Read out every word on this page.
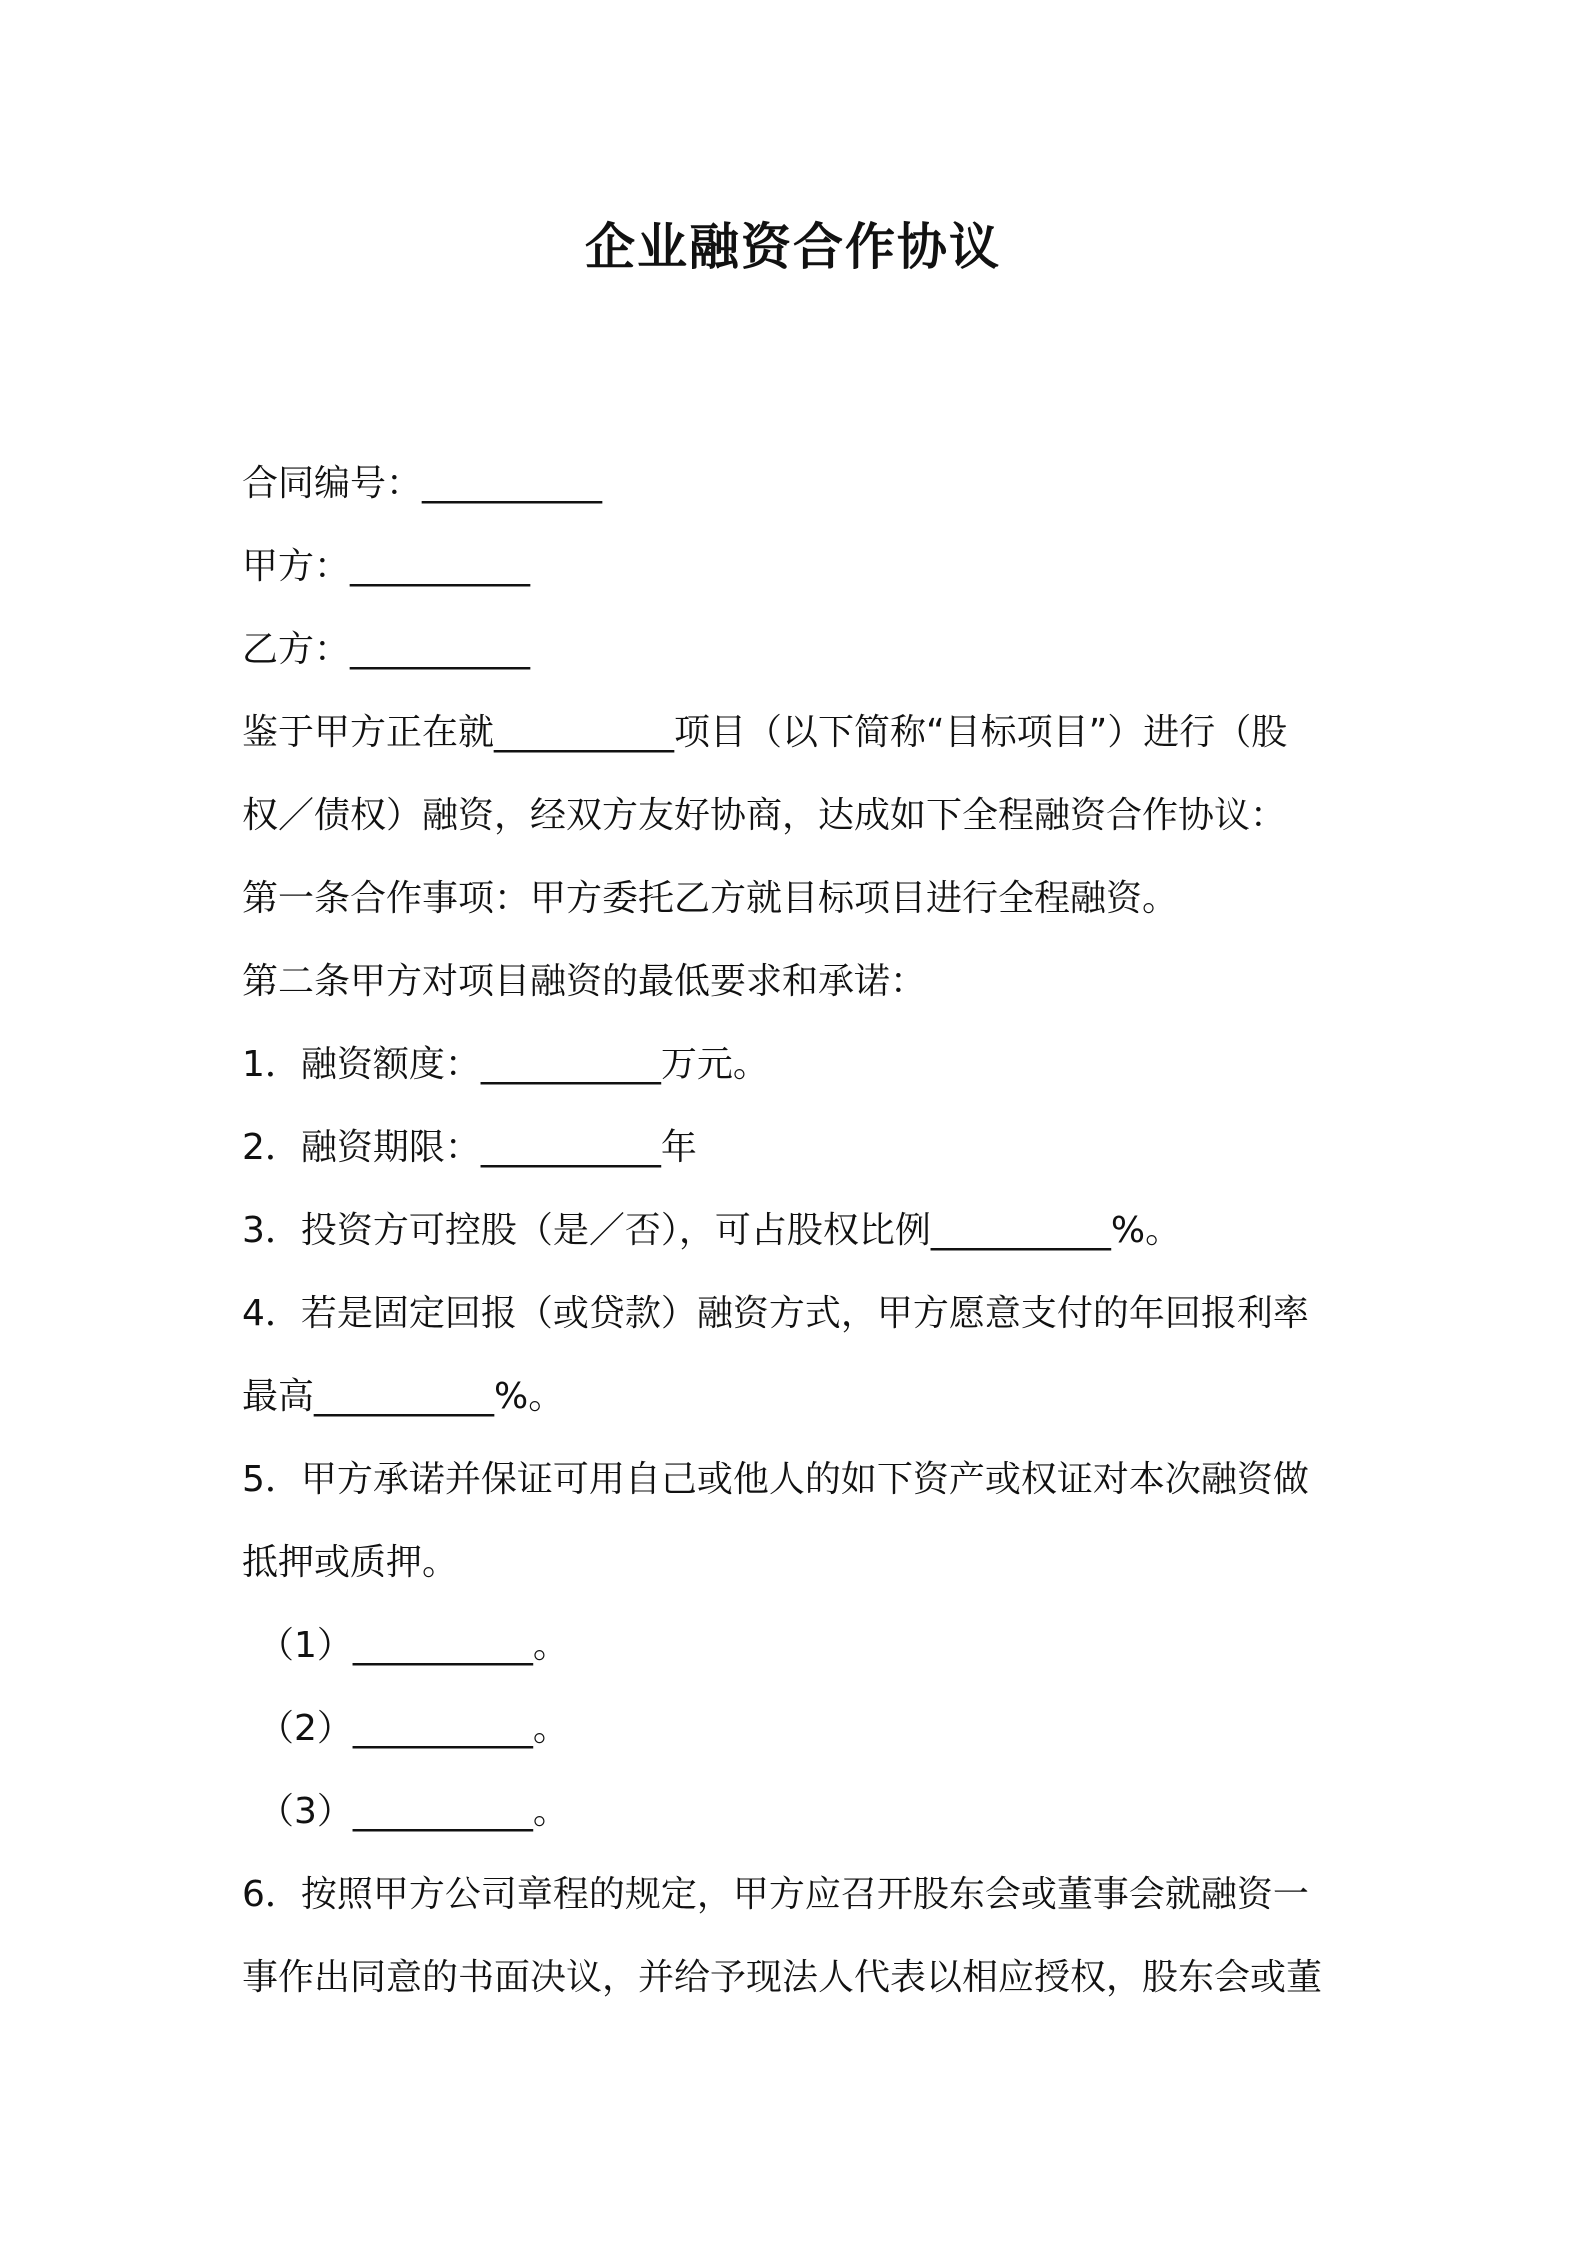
企业融资合作协议
合同编号：__________
甲方：__________
乙方：__________
鉴于甲方正在就__________项目（以下简称“目标项目”）进行（股
权／债权）融资，经双方友好协商，达成如下全程融资合作协议：
第一条合作事项：甲方委托乙方就目标项目进行全程融资。
第二条甲方对项目融资的最低要求和承诺：
1．融资额度：__________万元。
2．融资期限：__________年
3．投资方可控股（是／否），可占股权比例__________%。
4．若是固定回报（或贷款）融资方式，甲方愿意支付的年回报利率
最高__________%。
5．甲方承诺并保证可用自己或他人的如下资产或权证对本次融资做
抵押或质押。
（1）__________。
（2）__________。
（3）__________。
6．按照甲方公司章程的规定，甲方应召开股东会或董事会就融资一
事作出同意的书面决议，并给予现法人代表以相应授权，股东会或董
